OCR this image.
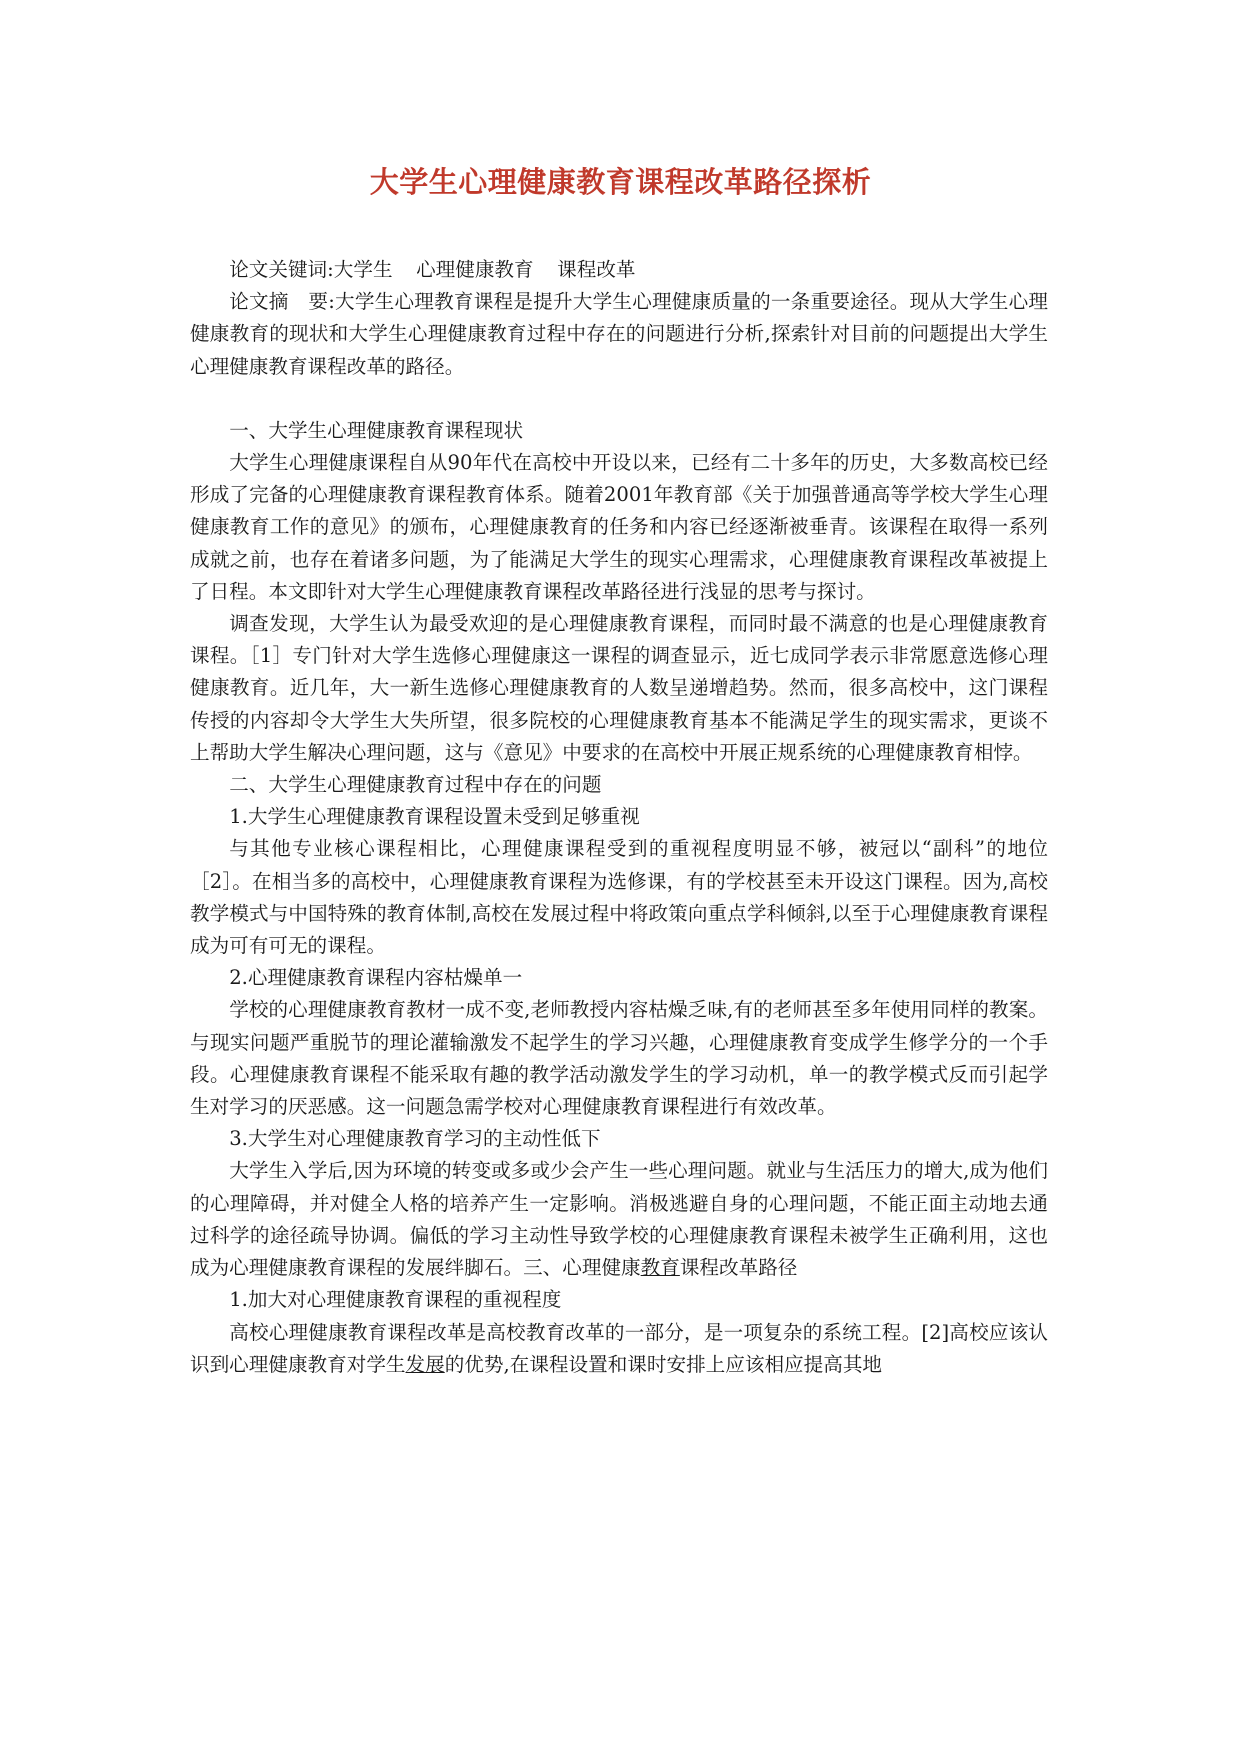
大学生心理健康教育课程改革路径探析

论文关键词:大学生 心理健康教育 课程改革

论文摘　要:大学生心理教育课程是提升大学生心理健康质量的一条重要途径。现从大学生心理健康教育的现状和大学生心理健康教育过程中存在的问题进行分析,探索针对目前的问题提出大学生心理健康教育课程改革的路径。

一、大学生心理健康教育课程现状

大学生心理健康课程自从90年代在高校中开设以来，已经有二十多年的历史，大多数高校已经形成了完备的心理健康教育课程教育体系。随着2001年教育部《关于加强普通高等学校大学生心理健康教育工作的意见》的颁布，心理健康教育的任务和内容已经逐渐被垂青。该课程在取得一系列成就之前，也存在着诸多问题，为了能满足大学生的现实心理需求，心理健康教育课程改革被提上了日程。本文即针对大学生心理健康教育课程改革路径进行浅显的思考与探讨。

调查发现，大学生认为最受欢迎的是心理健康教育课程，而同时最不满意的也是心理健康教育课程。［1］专门针对大学生选修心理健康这一课程的调查显示，近七成同学表示非常愿意选修心理健康教育。近几年，大一新生选修心理健康教育的人数呈递增趋势。然而，很多高校中，这门课程传授的内容却令大学生大失所望，很多院校的心理健康教育基本不能满足学生的现实需求，更谈不上帮助大学生解决心理问题，这与《意见》中要求的在高校中开展正规系统的心理健康教育相悖。

二、大学生心理健康教育过程中存在的问题

1.大学生心理健康教育课程设置未受到足够重视

与其他专业核心课程相比，心理健康课程受到的重视程度明显不够，被冠以“副科”的地位［2］。在相当多的高校中，心理健康教育课程为选修课，有的学校甚至未开设这门课程。因为,高校教学模式与中国特殊的教育体制,高校在发展过程中将政策向重点学科倾斜,以至于心理健康教育课程成为可有可无的课程。

2.心理健康教育课程内容枯燥单一

学校的心理健康教育教材一成不变,老师教授内容枯燥乏味,有的老师甚至多年使用同样的教案。与现实问题严重脱节的理论灌输激发不起学生的学习兴趣，心理健康教育变成学生修学分的一个手段。心理健康教育课程不能采取有趣的教学活动激发学生的学习动机，单一的教学模式反而引起学生对学习的厌恶感。这一问题急需学校对心理健康教育课程进行有效改革。

3.大学生对心理健康教育学习的主动性低下

大学生入学后,因为环境的转变或多或少会产生一些心理问题。就业与生活压力的增大,成为他们的心理障碍，并对健全人格的培养产生一定影响。消极逃避自身的心理问题，不能正面主动地去通过科学的途径疏导协调。偏低的学习主动性导致学校的心理健康教育课程未被学生正确利用，这也成为心理健康教育课程的发展绊脚石。三、心理健康教育课程改革路径

1.加大对心理健康教育课程的重视程度

高校心理健康教育课程改革是高校教育改革的一部分，是一项复杂的系统工程。[2]高校应该认识到心理健康教育对学生发展的优势,在课程设置和课时安排上应该相应提高其地
